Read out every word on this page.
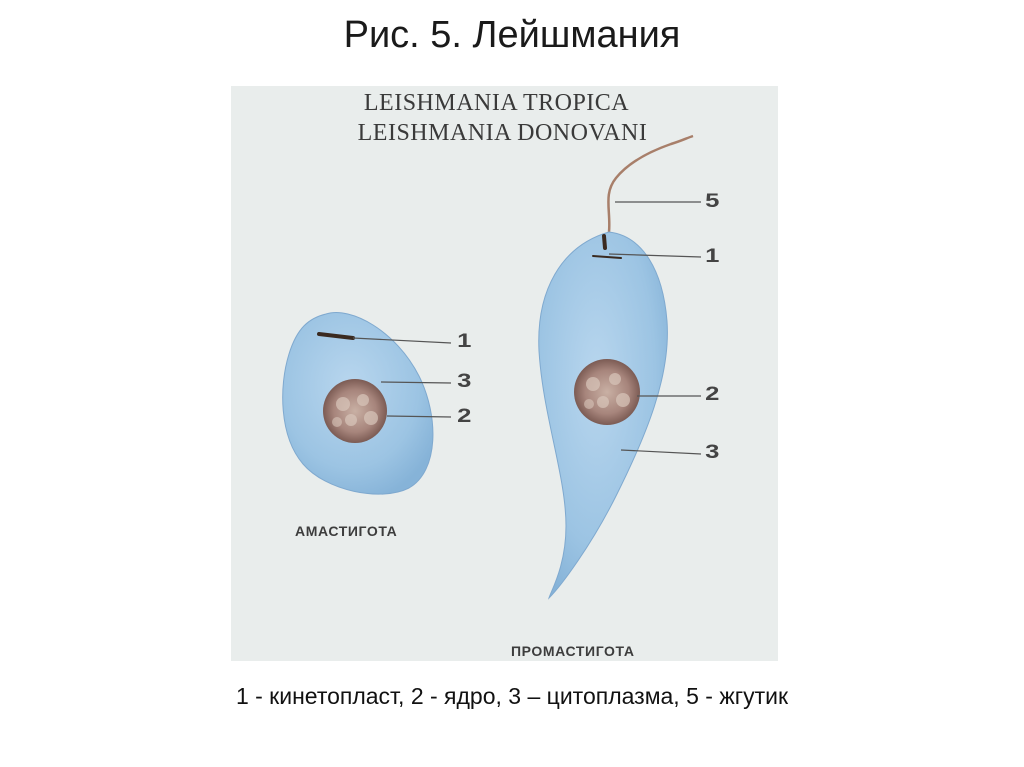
Рис. 5. Лейшмания
LEISHMANIA TROPICA
LEISHMANIA DONOVANI
1
3
2
5
1
2
3
АМАСТИГОТА
ПРОМАСТИГОТА
1 - кинетопласт, 2 - ядро, 3 – цитоплазма, 5 - жгутик
